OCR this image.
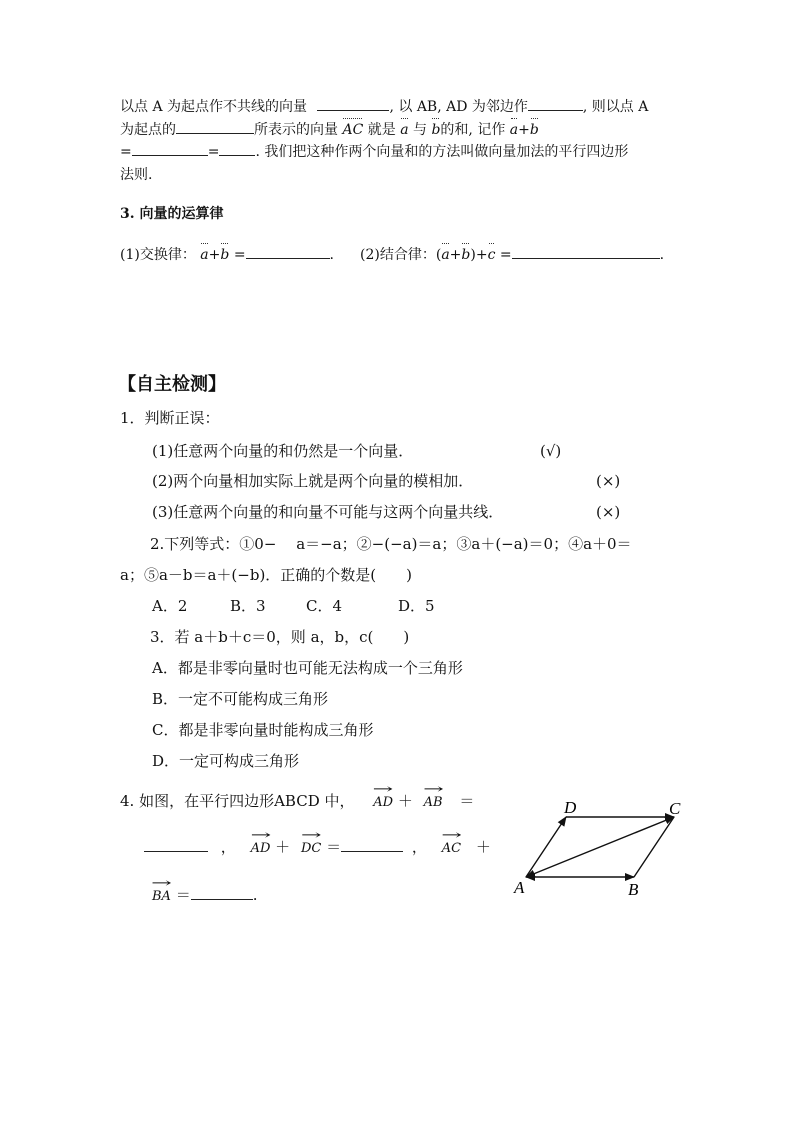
以点 A 为起点作不共线的向量	, 以 AB, AD 为邻边作	, 则以点 A
为起点的	所表示的向量 AC 就是 a 与 b的和, 记作 a+b
=	=	. 我们把这种作两个向量和的方法叫做向量加法的平行四边形
法则.
3. 向量的运算律
(1)交换律： a+b =	. (2)结合律：(a+b)+c =	.
【自主检测】
1．判断正误：
(1)任意两个向量的和仍然是一个向量．	(√)
(2)两个向量相加实际上就是两个向量的模相加．	(×)
(3)任意两个向量的和向量不可能与这两个向量共线．	(×)
2.下列等式：①0−　 a＝−a；②−(−a)＝a；③a＋(−a)＝0；④a＋0＝
a；⑤a－b＝a＋(−b)．正确的个数是(　　)
A．2	B．3	C．4	D．5
3．若 a＋b＋c＝0，则 a，b，c(　　)
A．都是非零向量时也可能无法构成一个三角形
B．一定不可能构成三角形
C．都是非零向量时能构成三角形
D．一定可构成三角形
4. 如图，在平行四边形ABCD 中， → AD ＋ → AB ＝
， → AD ＋ → DC ＝	， → AC ＋
→ BA ＝	.	A	B
C
D
